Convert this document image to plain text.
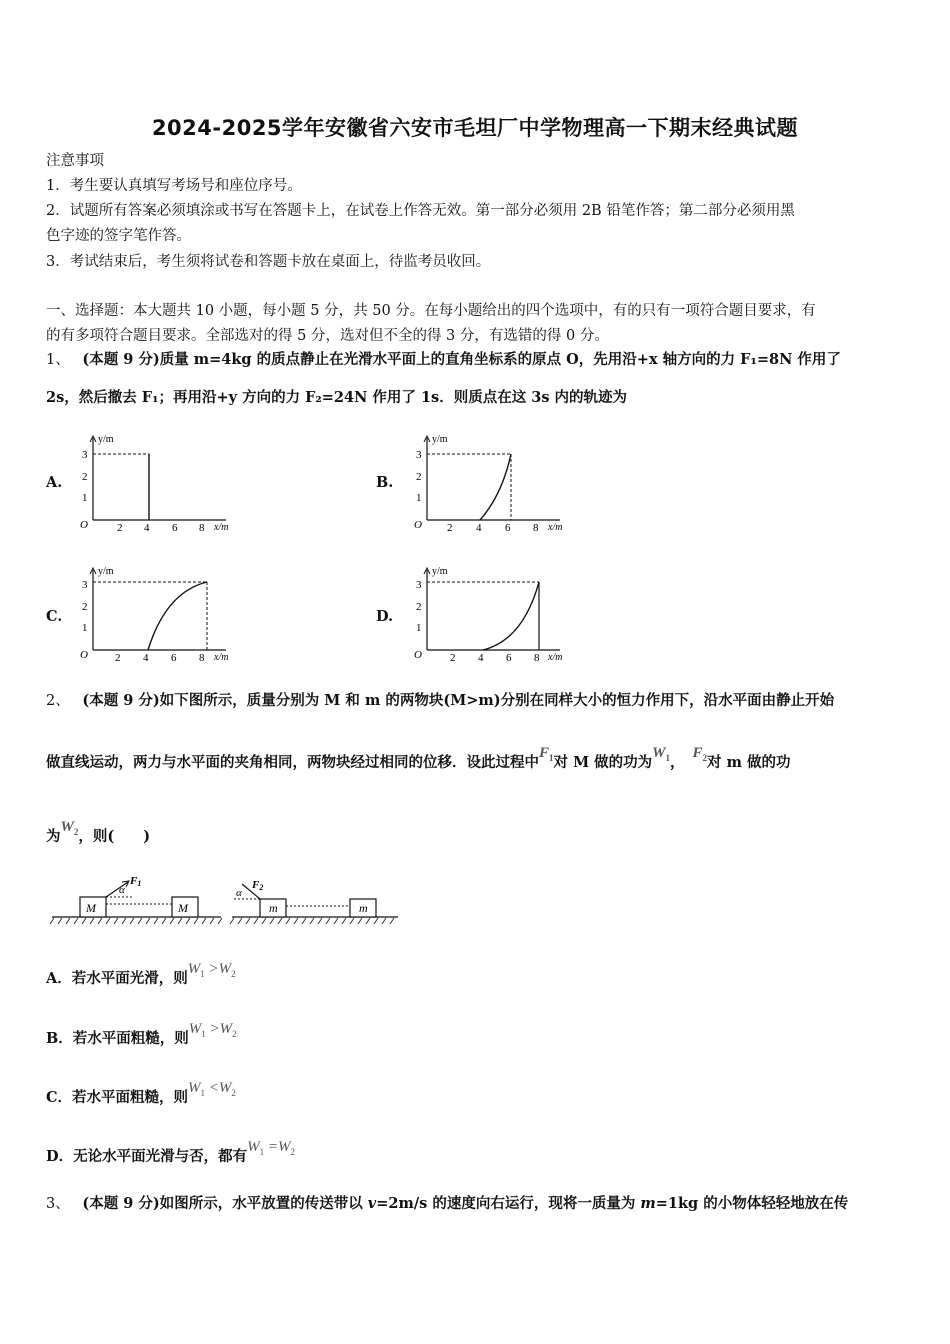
2024-2025学年安徽省六安市毛坦厂中学物理高一下期末经典试题
注意事项
1．考生要认真填写考场号和座位序号。
2．试题所有答案必须填涂或书写在答题卡上，在试卷上作答无效。第一部分必须用 2B 铅笔作答；第二部分必须用黑
色字迹的签字笔作答。
3．考试结束后，考生须将试卷和答题卡放在桌面上，待监考员收回。
一、选择题：本大题共 10 小题，每小题 5 分，共 50 分。在每小题给出的四个选项中，有的只有一项符合题目要求，有
的有多项符合题目要求。全部选对的得 5 分，选对但不全的得 3 分，有选错的得 0 分。
1、 (本题 9 分)质量 m=4kg 的质点静止在光滑水平面上的直角坐标系的原点 O，先用沿+x 轴方向的力 F₁=8N 作用了
2s，然后撤去 F₁；再用沿+y 方向的力 F₂=24N 作用了 1s．则质点在这 3s 内的轨迹为
A.	B.
C.	D.
y/m
x/m
O
1
2
3
2 4 6 8
y/m
x/m
O
1
2
3
2 4 6 8
y/m
x/m
O
1
2
3
2 4 6 8
y/m
x/m
O
1
2
3
2 4 6 8
2、 (本题 9 分)如下图所示，质量分别为 M 和 m 的两物块(M>m)分别在同样大小的恒力作用下，沿水平面由静止开始
做直线运动，两力与水平面的夹角相同，两物块经过相同的位移．设此过程中$F_1$对 M 做的功为$W_1$，$F_2$对 m 做的功
为$W_2$，则(　　)
M	M
α
F1
m	m
α
F2
A．若水平面光滑，则$W_1 >W_2$
B．若水平面粗糙，则$W_1 >W_2$
C．若水平面粗糙，则$W_1 <W_2$
D．无论水平面光滑与否，都有$W_1 =W_2$
3、 (本题 9 分)如图所示，水平放置的传送带以 v=2m/s 的速度向右运行，现将一质量为 m=1kg 的小物体轻轻地放在传
